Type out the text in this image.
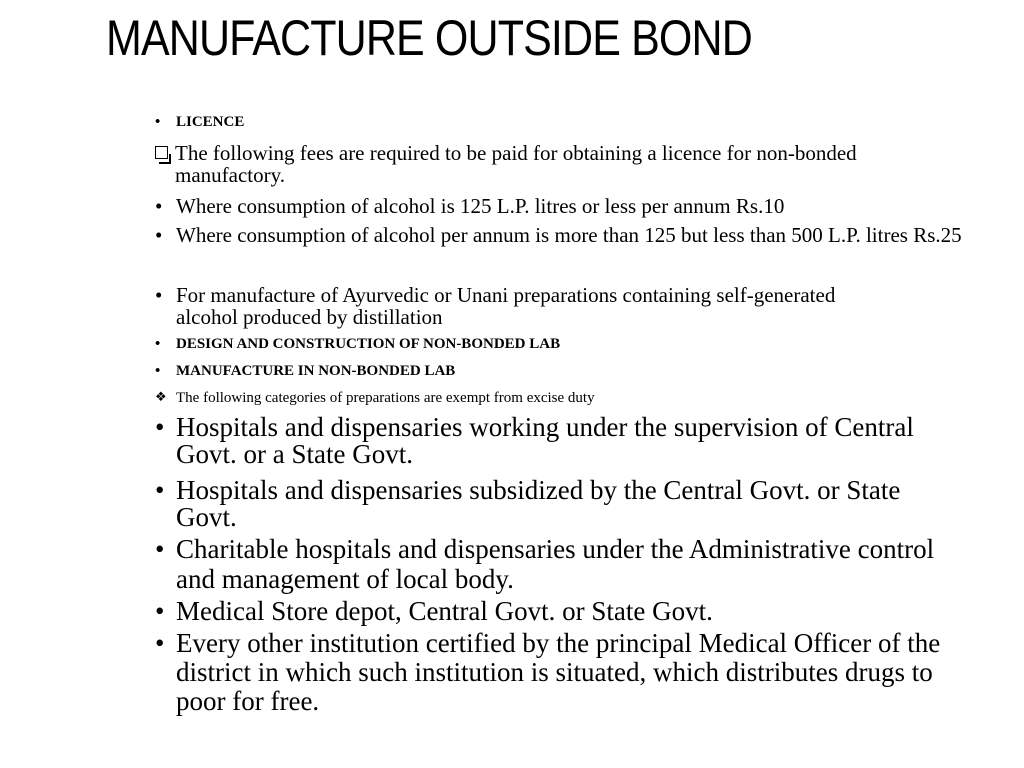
MANUFACTURE OUTSIDE BOND
•	LICENCE
The following fees are required to be paid for obtaining a licence for non-bonded manufactory.
• Where consumption of alcohol is 125 L.P. litres or less per annum Rs.10
• Where consumption of alcohol per annum is more than 125 but less than 500 L.P. litres Rs.25
• For manufacture of Ayurvedic or Unani preparations containing self-generated alcohol produced by distillation
•	DESIGN AND CONSTRUCTION OF NON-BONDED LAB
•	MANUFACTURE IN NON-BONDED LAB
❖ The following categories of preparations are exempt from excise duty
• Hospitals and dispensaries working under the supervision of Central Govt. or a State Govt.
• Hospitals and dispensaries subsidized by the Central Govt. or State Govt.
• Charitable hospitals and dispensaries under the Administrative control and management of local body.
• Medical Store depot, Central Govt. or State Govt.
• Every other institution certified by the principal Medical Officer of the district in which such institution is situated, which distributes drugs to poor for free.
